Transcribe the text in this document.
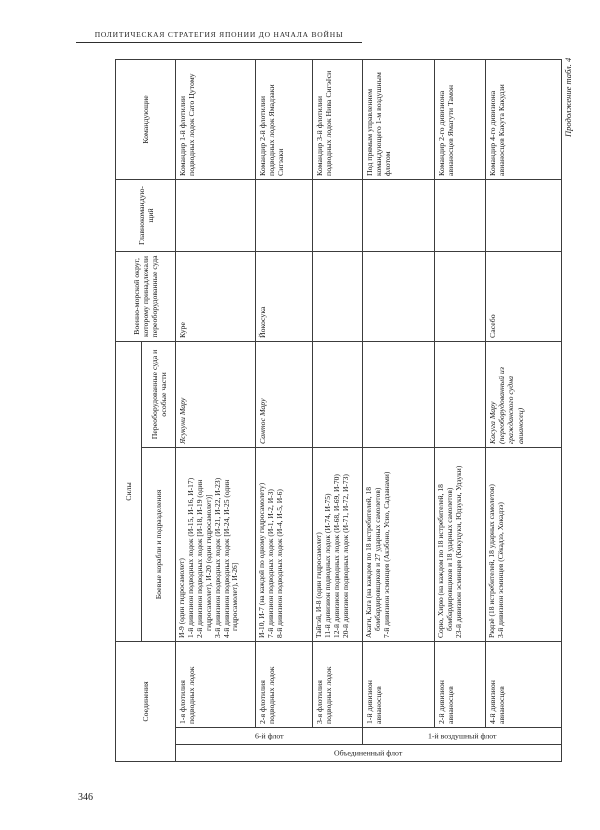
ПОЛИТИЧЕСКАЯ СТРАТЕГИЯ ЯПОНИИ ДО НАЧАЛА ВОЙНЫ
Продолжение табл. 4
Соединения			Силы		Военно-морской округ, которому принадлежали переоборудованные суда	Главнокомандующий	Командующие
			Боевые корабли и подразделения	Переоборудованные суда и особые части			

Объединенный флот	6-й флот	1-я флотилия подводных лодок	И-9 (один гидросамолет) 1-й дивизион подводных лодок (И-15, И-16, И-17) 2-й дивизион подводных лодок [И-18, И-19 (один гидросамолет), И-20 (один гидросамолет)] 3-й дивизион подводных лодок (И-21, И-22, И-23) 4-й дивизион подводных лодок [И-24, И-25 (один гидросамолет), И-26]	Ясукуни Мару	Куре		Командир 1-й флотилии подводных лодок Сато Цутому
		2-я флотилия подводных лодок	И-10, И-7 (на каждой по одному гидросамолету) 7-й дивизион подводных лодок (И-1, И-2, И-3) 8-й дивизион подводных лодок (И-4, И-5, И-6)	Сантос Мару	Йокосука		Командир 2-й флотилии подводных лодок Ямадзаки Сигэаки
		3-я флотилия подводных лодок	Тайгэй, И-8 (один гидросамолет) 11-й дивизион подводных лодок (И-74, И-75) 12-й дивизион подводных лодок (И-68, И-69, И-70) 20-й дивизион подводных лодок (И-71, И-72, И-73)				Командир 3-й флотилии подводных лодок Нива Сигэёси

	1-й воздушный флот	1-й дивизион авианосцев	Акаги, Кага (на каждом по 18 истребителей, 18 бомбардировщиков и 27 ударных самолетов) 7-й дивизион эсминцев (Акэбоно, Усио, Садзанами)				Под прямым управлением командующего 1-м воздушным флотом
		2-й дивизион авианосцев	Сорю, Хирю (на каждом по 18 истребителей, 18 бомбардировщиков и 18 ударных самолетов) 23-й дивизион эсминцев (Кикуцуки, Юдзуки, Удзуки)				Командир 2-го дивизиона авианосцев Ямагути Тамон
		4-й дивизион авианосцев	Рюдзё (18 истребителей, 18 ударных самолетов) 3-й дивизион эсминцев (Сёкадзэ, Хокадзэ)	Касуга Мару (переоборудованный из гражданского судна авианосец)	Сасебо		Командир 4-го дивизиона авианосцев Какута Какудзи
346
